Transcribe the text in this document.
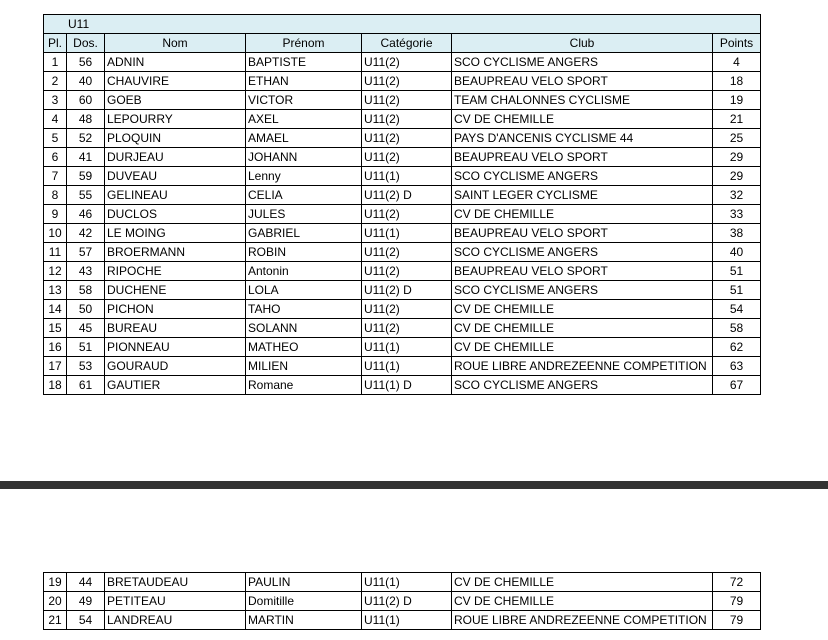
U11						
Pl.	Dos.	Nom	Prénom	Catégorie	Club	Points
1	56	ADNIN	BAPTISTE	U11(2)	SCO CYCLISME ANGERS	4
2	40	CHAUVIRE	ETHAN	U11(2)	BEAUPREAU VELO SPORT	18
3	60	GOEB	VICTOR	U11(2)	TEAM CHALONNES CYCLISME	19
4	48	LEPOURRY	AXEL	U11(2)	CV DE CHEMILLE	21
5	52	PLOQUIN	AMAEL	U11(2)	PAYS D'ANCENIS CYCLISME 44	25
6	41	DURJEAU	JOHANN	U11(2)	BEAUPREAU VELO SPORT	29
7	59	DUVEAU	Lenny	U11(1)	SCO CYCLISME ANGERS	29
8	55	GELINEAU	CELIA	U11(2) D	SAINT LEGER CYCLISME	32
9	46	DUCLOS	JULES	U11(2)	CV DE CHEMILLE	33
10	42	LE MOING	GABRIEL	U11(1)	BEAUPREAU VELO SPORT	38
11	57	BROERMANN	ROBIN	U11(2)	SCO CYCLISME ANGERS	40
12	43	RIPOCHE	Antonin	U11(2)	BEAUPREAU VELO SPORT	51
13	58	DUCHENE	LOLA	U11(2) D	SCO CYCLISME ANGERS	51
14	50	PICHON	TAHO	U11(2)	CV DE CHEMILLE	54
15	45	BUREAU	SOLANN	U11(2)	CV DE CHEMILLE	58
16	51	PIONNEAU	MATHEO	U11(1)	CV DE CHEMILLE	62
17	53	GOURAUD	MILIEN	U11(1)	ROUE LIBRE ANDREZEENNE COMPETITION	63
18	61	GAUTIER	Romane	U11(1) D	SCO CYCLISME ANGERS	67
19	44	BRETAUDEAU	PAULIN	U11(1)	CV DE CHEMILLE	72
20	49	PETITEAU	Domitille	U11(2) D	CV DE CHEMILLE	79
21	54	LANDREAU	MARTIN	U11(1)	ROUE LIBRE ANDREZEENNE COMPETITION	79
